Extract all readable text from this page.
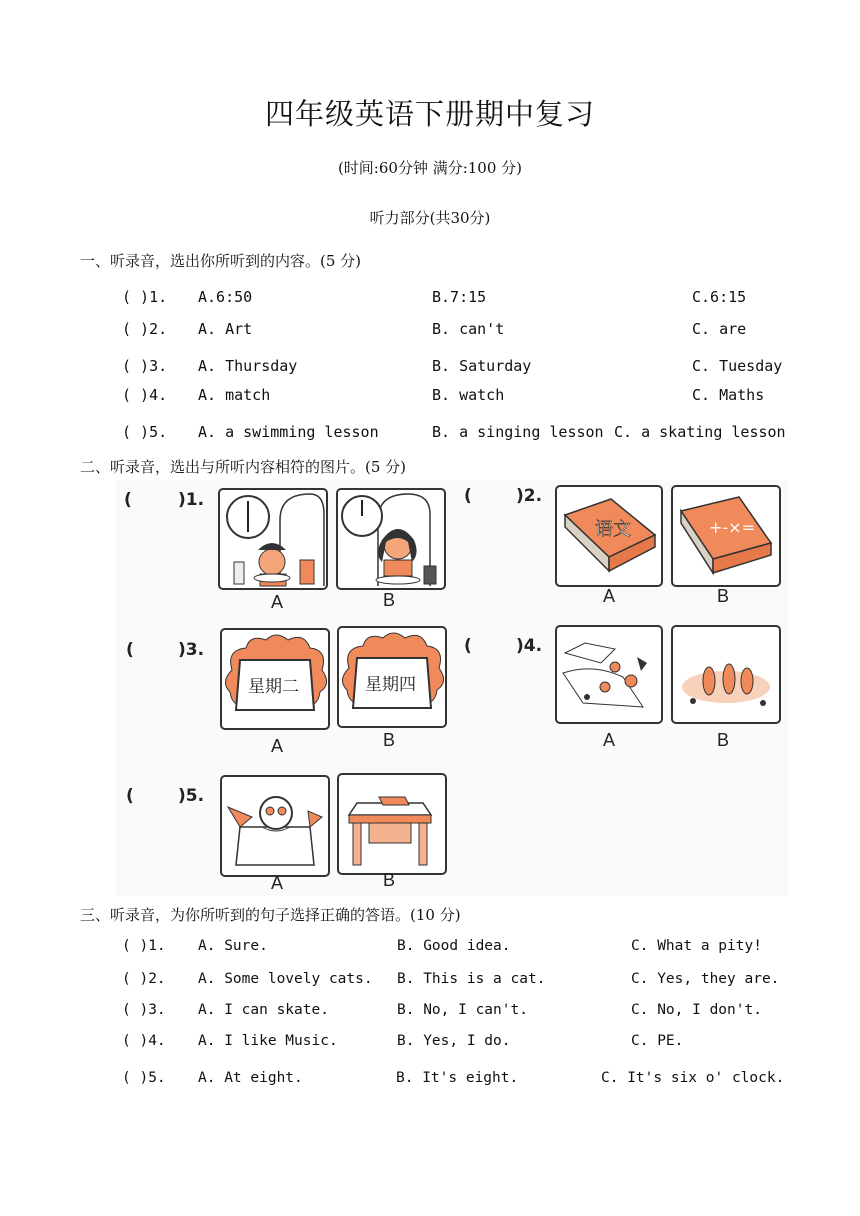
四年级英语下册期中复习
(时间:60分钟 满分:100 分)
听力部分(共30分)
一、听录音，选出你所听到的内容。(5 分)
( )1. A.6:50	B.7:15	C.6:15
( )2. A. Art	B. can't	C. are
( )3. A. Thursday	B. Saturday	C. Tuesday
( )4. A. match	B. watch	C. Maths
( )5. A. a swimming lesson	B. a singing lesson C. a skating lesson
二、听录音，选出与所听内容相符的图片。(5 分)
(	)1.
A	B
(	)2.
语文	+-×=
A	B
(	)3.
星期二	星期四
A	B
(	)4.
A	B
(	)5.
A	B
三、听录音，为你所听到的句子选择正确的答语。(10 分)
( )1. A. Sure.	B. Good idea.	C. What a pity!
( )2. A. Some lovely cats. B. This is a cat.	C. Yes, they are.
( )3. A. I can skate.	B. No, I can't.	C. No, I don't.
( )4. A. I like Music.	B. Yes, I do.	C. PE.
( )5. A. At eight.	B. It's eight.	C. It's six o' clock.
